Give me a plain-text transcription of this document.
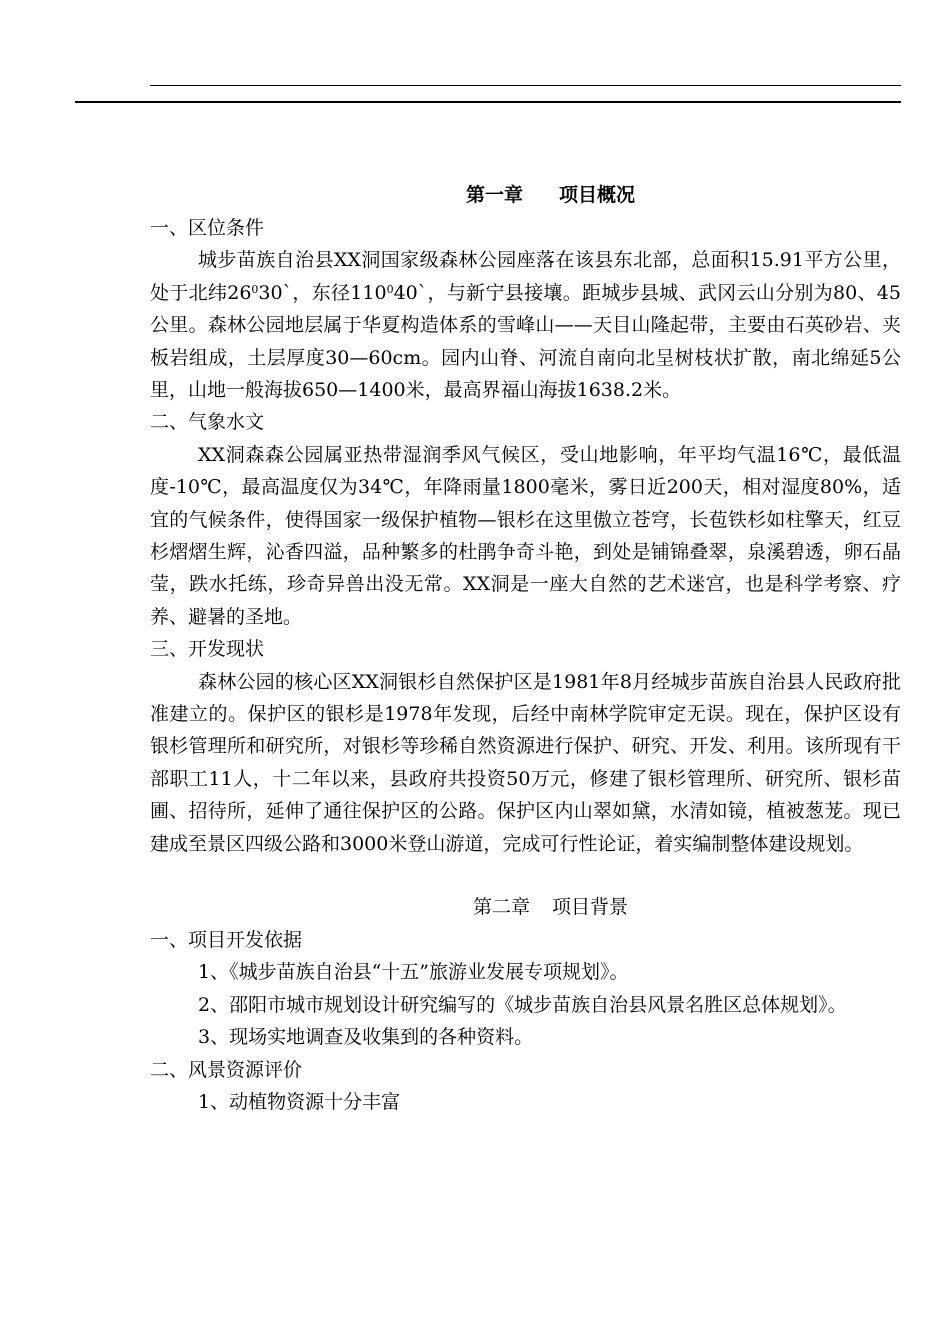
第一章 项目概况

一、区位条件

城步苗族自治县XX洞国家级森林公园座落在该县东北部，总面积15.91平方公里，处于北纬$26^030`$，东径$110^040`$，与新宁县接壤。距城步县城、武冈云山分别为80、45公里。森林公园地层属于华夏构造体系的雪峰山——天目山隆起带，主要由石英砂岩、夹板岩组成，土层厚度30—60cm。园内山脊、河流自南向北呈树枝状扩散，南北绵延5公里，山地一般海拔650—1400米，最高界福山海拔1638.2米。

二、气象水文

XX洞森森公园属亚热带湿润季风气候区，受山地影响，年平均气温16℃，最低温度-10℃，最高温度仅为34℃，年降雨量1800毫米，雾日近200天，相对湿度80%，适宜的气候条件，使得国家一级保护植物—银杉在这里傲立苍穹，长苞铁杉如柱擎天，红豆杉熠熠生辉，沁香四溢，品种繁多的杜鹃争奇斗艳，到处是铺锦叠翠，泉溪碧透，卵石晶莹，跌水托练，珍奇异兽出没无常。XX洞是一座大自然的艺术迷宫，也是科学考察、疗养、避暑的圣地。

三、开发现状

森林公园的核心区XX洞银杉自然保护区是1981年8月经城步苗族自治县人民政府批准建立的。保护区的银杉是1978年发现，后经中南林学院审定无误。现在，保护区设有银杉管理所和研究所，对银杉等珍稀自然资源进行保护、研究、开发、利用。该所现有干部职工11人，十二年以来，县政府共投资50万元，修建了银杉管理所、研究所、银杉苗圃、招待所，延伸了通往保护区的公路。保护区内山翠如黛，水清如镜，植被葱茏。现已建成至景区四级公路和3000米登山游道，完成可行性论证，着实编制整体建设规划。

第二章 项目背景

一、项目开发依据

1、《城步苗族自治县“十五”旅游业发展专项规划》。

2、邵阳市城市规划设计研究编写的《城步苗族自治县风景名胜区总体规划》。

3、现场实地调查及收集到的各种资料。

二、风景资源评价

1、动植物资源十分丰富
